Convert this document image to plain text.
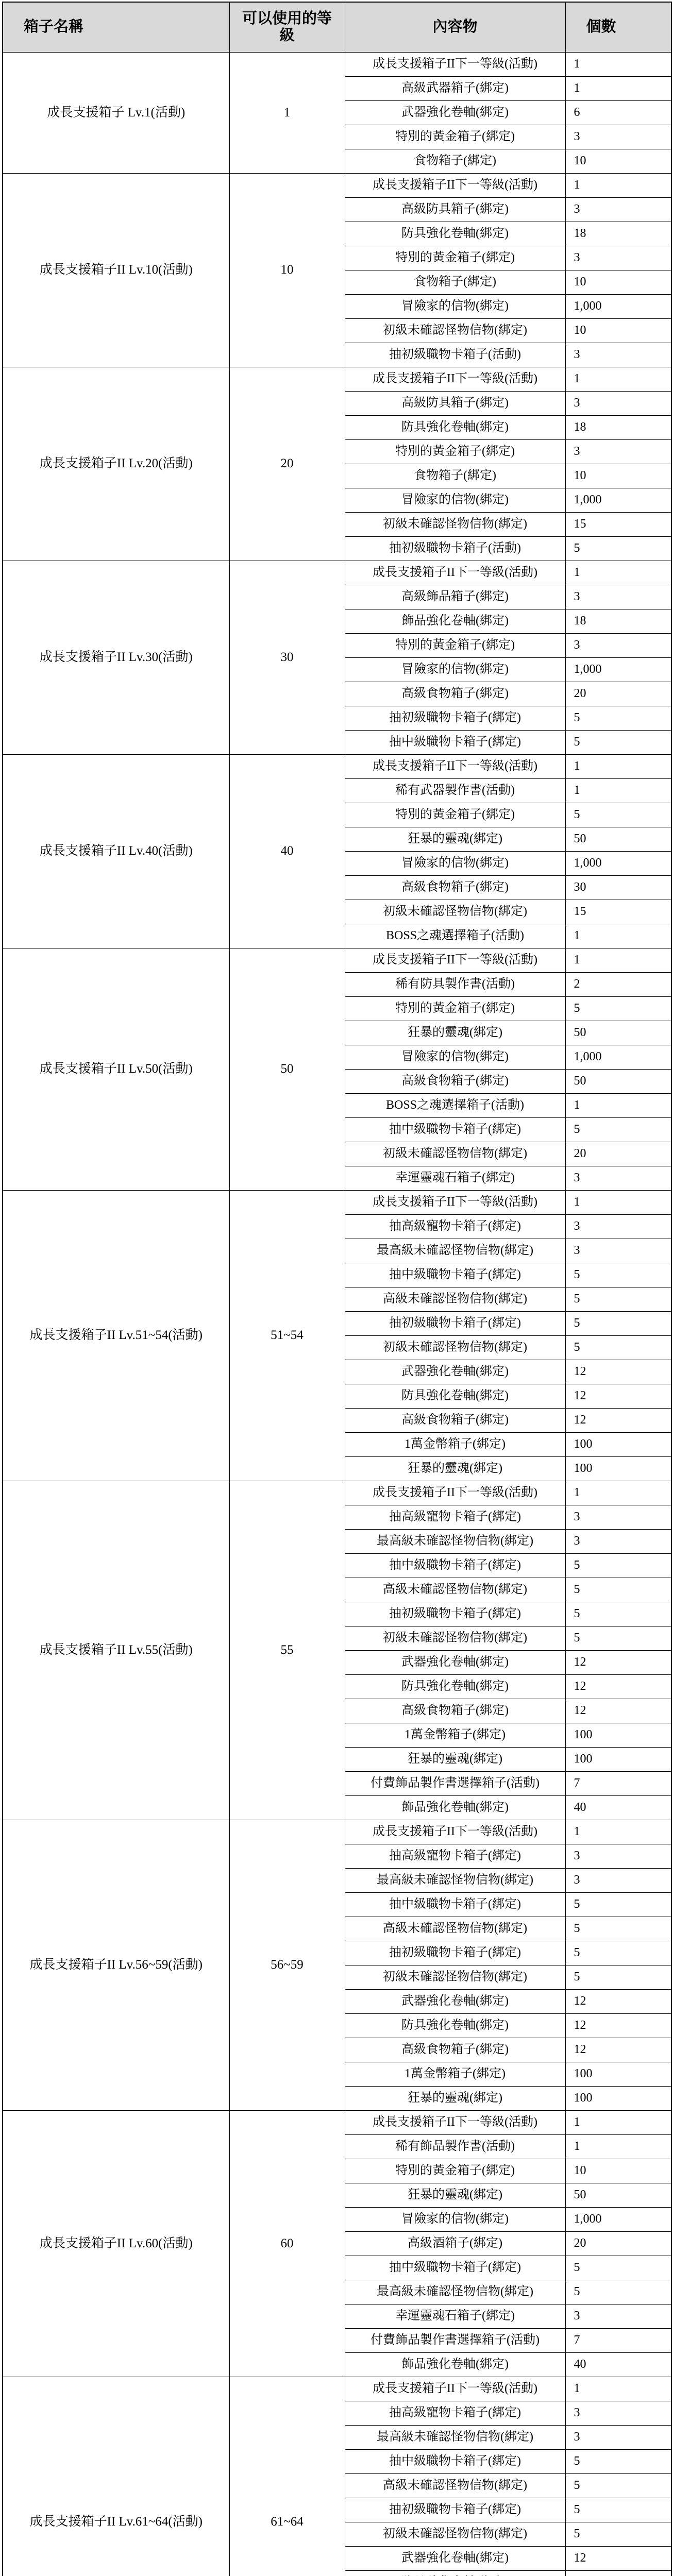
箱子名稱	可以使用的等級	內容物	個數
成長支援箱子 Lv.1(活動)	1	成長支援箱子II下一等級(活動)	1
		高級武器箱子(綁定)	1
		武器強化卷軸(綁定)	6
		特別的黃金箱子(綁定)	3
		食物箱子(綁定)	10
成長支援箱子II Lv.10(活動)	10	成長支援箱子II下一等級(活動)	1
		高級防具箱子(綁定)	3
		防具強化卷軸(綁定)	18
		特別的黃金箱子(綁定)	3
		食物箱子(綁定)	10
		冒險家的信物(綁定)	1,000
		初級未確認怪物信物(綁定)	10
		抽初級職物卡箱子(活動)	3
成長支援箱子II Lv.20(活動)	20	成長支援箱子II下一等級(活動)	1
		高級防具箱子(綁定)	3
		防具強化卷軸(綁定)	18
		特別的黃金箱子(綁定)	3
		食物箱子(綁定)	10
		冒險家的信物(綁定)	1,000
		初級未確認怪物信物(綁定)	15
		抽初級職物卡箱子(活動)	5
成長支援箱子II Lv.30(活動)	30	成長支援箱子II下一等級(活動)	1
		高級飾品箱子(綁定)	3
		飾品強化卷軸(綁定)	18
		特別的黃金箱子(綁定)	3
		冒險家的信物(綁定)	1,000
		高級食物箱子(綁定)	20
		抽初級職物卡箱子(綁定)	5
		抽中級職物卡箱子(綁定)	5
成長支援箱子II Lv.40(活動)	40	成長支援箱子II下一等級(活動)	1
		稀有武器製作書(活動)	1
		特別的黃金箱子(綁定)	5
		狂暴的靈魂(綁定)	50
		冒險家的信物(綁定)	1,000
		高級食物箱子(綁定)	30
		初級未確認怪物信物(綁定)	15
		BOSS之魂選擇箱子(活動)	1
成長支援箱子II Lv.50(活動)	50	成長支援箱子II下一等級(活動)	1
		稀有防具製作書(活動)	2
		特別的黃金箱子(綁定)	5
		狂暴的靈魂(綁定)	50
		冒險家的信物(綁定)	1,000
		高級食物箱子(綁定)	50
		BOSS之魂選擇箱子(活動)	1
		抽中級職物卡箱子(綁定)	5
		初級未確認怪物信物(綁定)	20
		幸運靈魂石箱子(綁定)	3
成長支援箱子II Lv.51~54(活動)	51~54	成長支援箱子II下一等級(活動)	1
		抽高級寵物卡箱子(綁定)	3
		最高級未確認怪物信物(綁定)	3
		抽中級職物卡箱子(綁定)	5
		高級未確認怪物信物(綁定)	5
		抽初級職物卡箱子(綁定)	5
		初級未確認怪物信物(綁定)	5
		武器強化卷軸(綁定)	12
		防具強化卷軸(綁定)	12
		高級食物箱子(綁定)	12
		1萬金幣箱子(綁定)	100
		狂暴的靈魂(綁定)	100
成長支援箱子II Lv.55(活動)	55	成長支援箱子II下一等級(活動)	1
		抽高級寵物卡箱子(綁定)	3
		最高級未確認怪物信物(綁定)	3
		抽中級職物卡箱子(綁定)	5
		高級未確認怪物信物(綁定)	5
		抽初級職物卡箱子(綁定)	5
		初級未確認怪物信物(綁定)	5
		武器強化卷軸(綁定)	12
		防具強化卷軸(綁定)	12
		高級食物箱子(綁定)	12
		1萬金幣箱子(綁定)	100
		狂暴的靈魂(綁定)	100
		付費飾品製作書選擇箱子(活動)	7
		飾品強化卷軸(綁定)	40
成長支援箱子II Lv.56~59(活動)	56~59	成長支援箱子II下一等級(活動)	1
		抽高級寵物卡箱子(綁定)	3
		最高級未確認怪物信物(綁定)	3
		抽中級職物卡箱子(綁定)	5
		高級未確認怪物信物(綁定)	5
		抽初級職物卡箱子(綁定)	5
		初級未確認怪物信物(綁定)	5
		武器強化卷軸(綁定)	12
		防具強化卷軸(綁定)	12
		高級食物箱子(綁定)	12
		1萬金幣箱子(綁定)	100
		狂暴的靈魂(綁定)	100
成長支援箱子II Lv.60(活動)	60	成長支援箱子II下一等級(活動)	1
		稀有飾品製作書(活動)	1
		特別的黃金箱子(綁定)	10
		狂暴的靈魂(綁定)	50
		冒險家的信物(綁定)	1,000
		高級酒箱子(綁定)	20
		抽中級職物卡箱子(綁定)	5
		最高級未確認怪物信物(綁定)	5
		幸運靈魂石箱子(綁定)	3
		付費飾品製作書選擇箱子(活動)	7
		飾品強化卷軸(綁定)	40
成長支援箱子II Lv.61~64(活動)	61~64	成長支援箱子II下一等級(活動)	1
		抽高級寵物卡箱子(綁定)	3
		最高級未確認怪物信物(綁定)	3
		抽中級職物卡箱子(綁定)	5
		高級未確認怪物信物(綁定)	5
		抽初級職物卡箱子(綁定)	5
		初級未確認怪物信物(綁定)	5
		武器強化卷軸(綁定)	12
